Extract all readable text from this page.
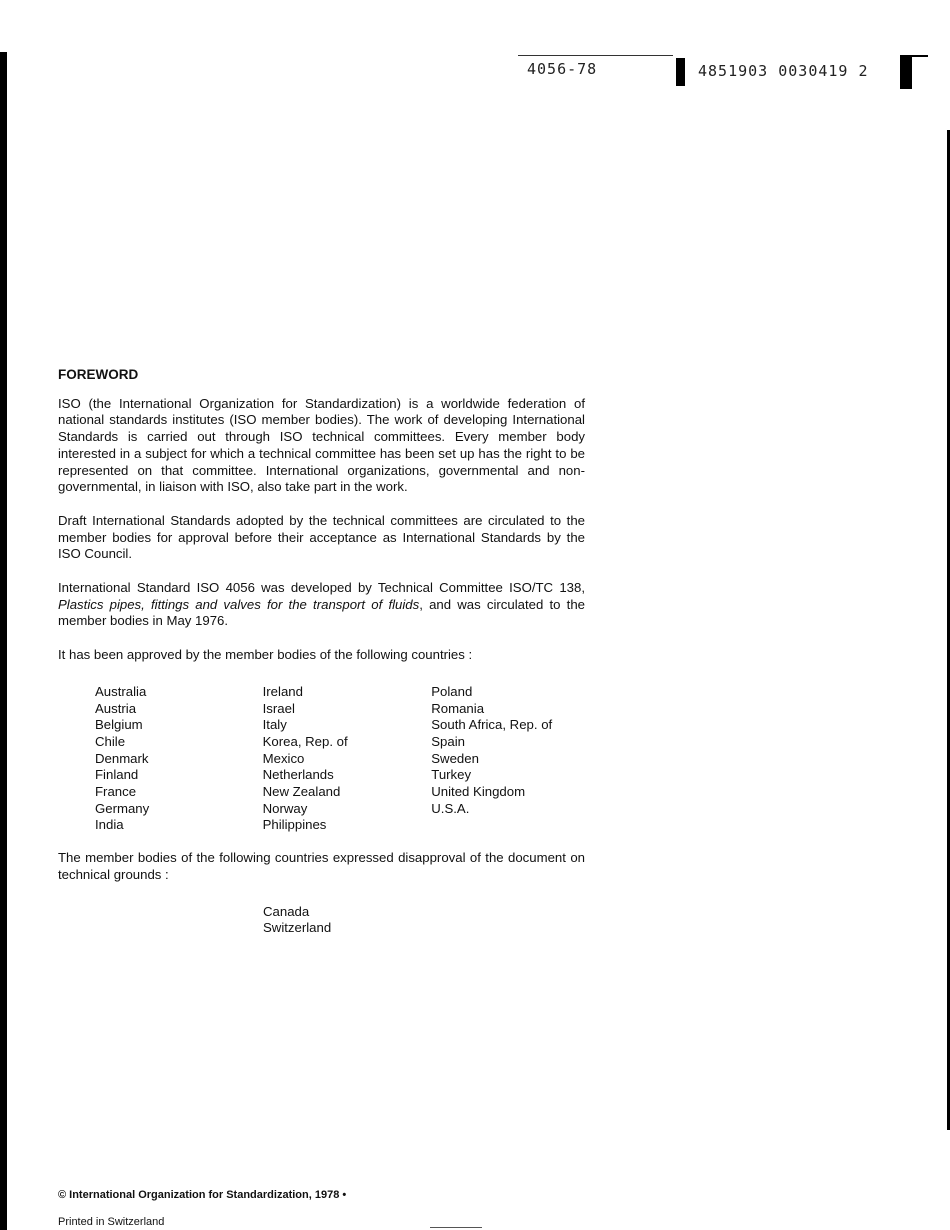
4056-78	4851903 0030419 2
FOREWORD

ISO (the International Organization for Standardization) is a worldwide federation of national standards institutes (ISO member bodies). The work of developing International Standards is carried out through ISO technical committees. Every member body interested in a subject for which a technical committee has been set up has the right to be represented on that committee. International organizations, governmental and non-governmental, in liaison with ISO, also take part in the work.

Draft International Standards adopted by the technical committees are circulated to the member bodies for approval before their acceptance as International Standards by the ISO Council.

International Standard ISO 4056 was developed by Technical Committee ISO/TC 138, Plastics pipes, fittings and valves for the transport of fluids, and was circulated to the member bodies in May 1976.

It has been approved by the member bodies of the following countries :

Australia
Austria
Belgium
Chile
Denmark
Finland
France
Germany
India
Ireland
Israel
Italy
Korea, Rep. of
Mexico
Netherlands
New Zealand
Norway
Philippines
Poland
Romania
South Africa, Rep. of
Spain
Sweden
Turkey
United Kingdom
U.S.A.

The member bodies of the following countries expressed disapproval of the document on technical grounds :

Canada
Switzerland
© International Organization for Standardization, 1978 •
Printed in Switzerland
